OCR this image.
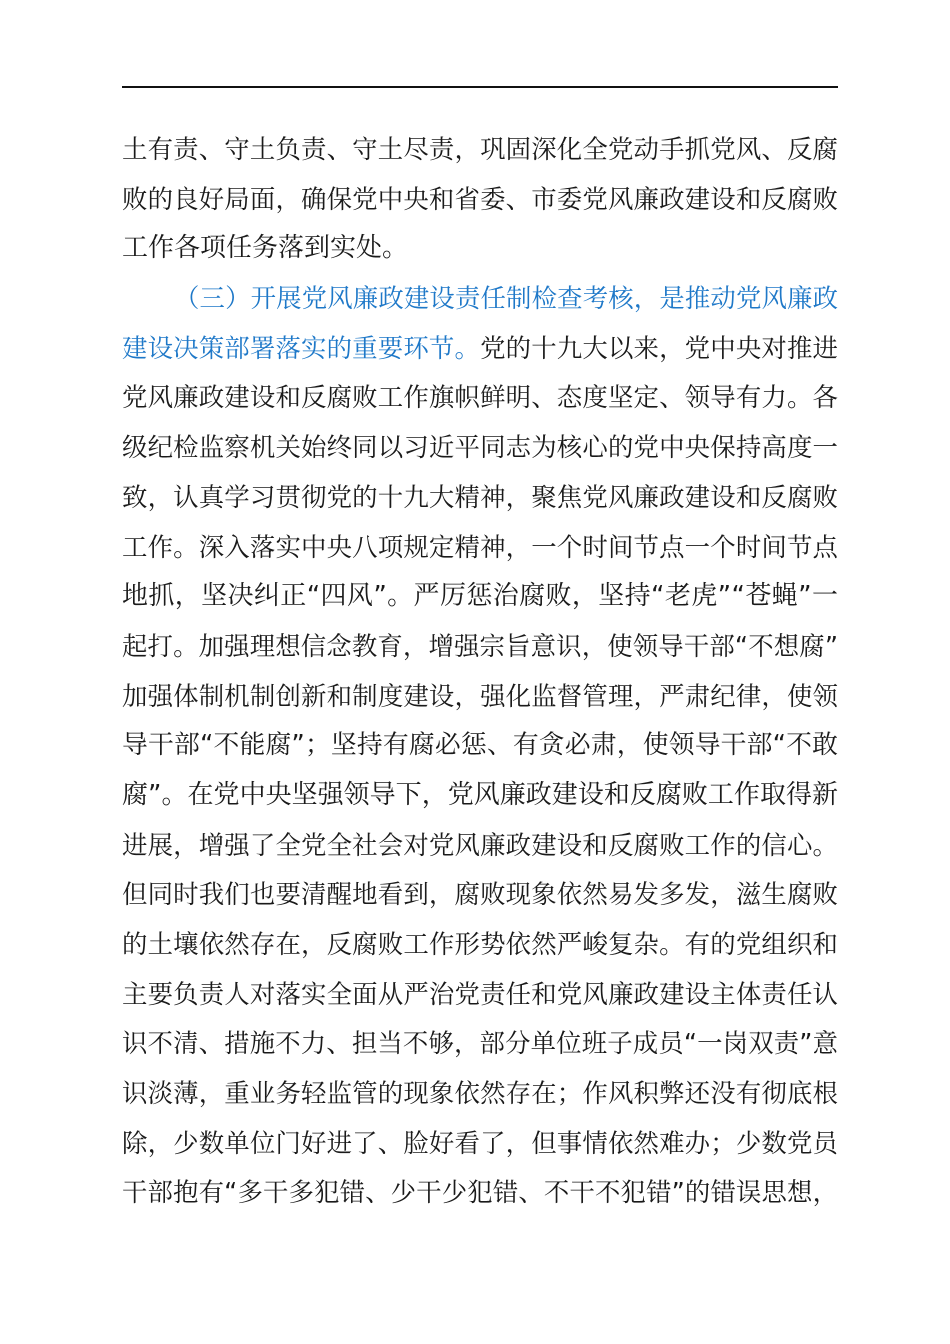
土有责、守土负责、守土尽责，巩固深化全党动手抓党风、反腐
败的良好局面，确保党中央和省委、市委党风廉政建设和反腐败
工作各项任务落到实处。
（三）开展党风廉政建设责任制检查考核，是推动党风廉政
建设决策部署落实的重要环节。党的十九大以来，党中央对推进
党风廉政建设和反腐败工作旗帜鲜明、态度坚定、领导有力。各
级纪检监察机关始终同以习近平同志为核心的党中央保持高度一
致，认真学习贯彻党的十九大精神，聚焦党风廉政建设和反腐败
工作。深入落实中央八项规定精神，一个时间节点一个时间节点
地抓，坚决纠正“四风”。严厉惩治腐败，坚持“老虎”“苍蝇”一
起打。加强理想信念教育，增强宗旨意识，使领导干部“不想腐”
加强体制机制创新和制度建设，强化监督管理，严肃纪律，使领
导干部“不能腐”；坚持有腐必惩、有贪必肃，使领导干部“不敢
腐”。在党中央坚强领导下，党风廉政建设和反腐败工作取得新
进展，增强了全党全社会对党风廉政建设和反腐败工作的信心。
但同时我们也要清醒地看到，腐败现象依然易发多发，滋生腐败
的土壤依然存在，反腐败工作形势依然严峻复杂。有的党组织和
主要负责人对落实全面从严治党责任和党风廉政建设主体责任认
识不清、措施不力、担当不够，部分单位班子成员“一岗双责”意
识淡薄，重业务轻监管的现象依然存在；作风积弊还没有彻底根
除，少数单位门好进了、脸好看了，但事情依然难办；少数党员
干部抱有“多干多犯错、少干少犯错、不干不犯错”的错误思想，
